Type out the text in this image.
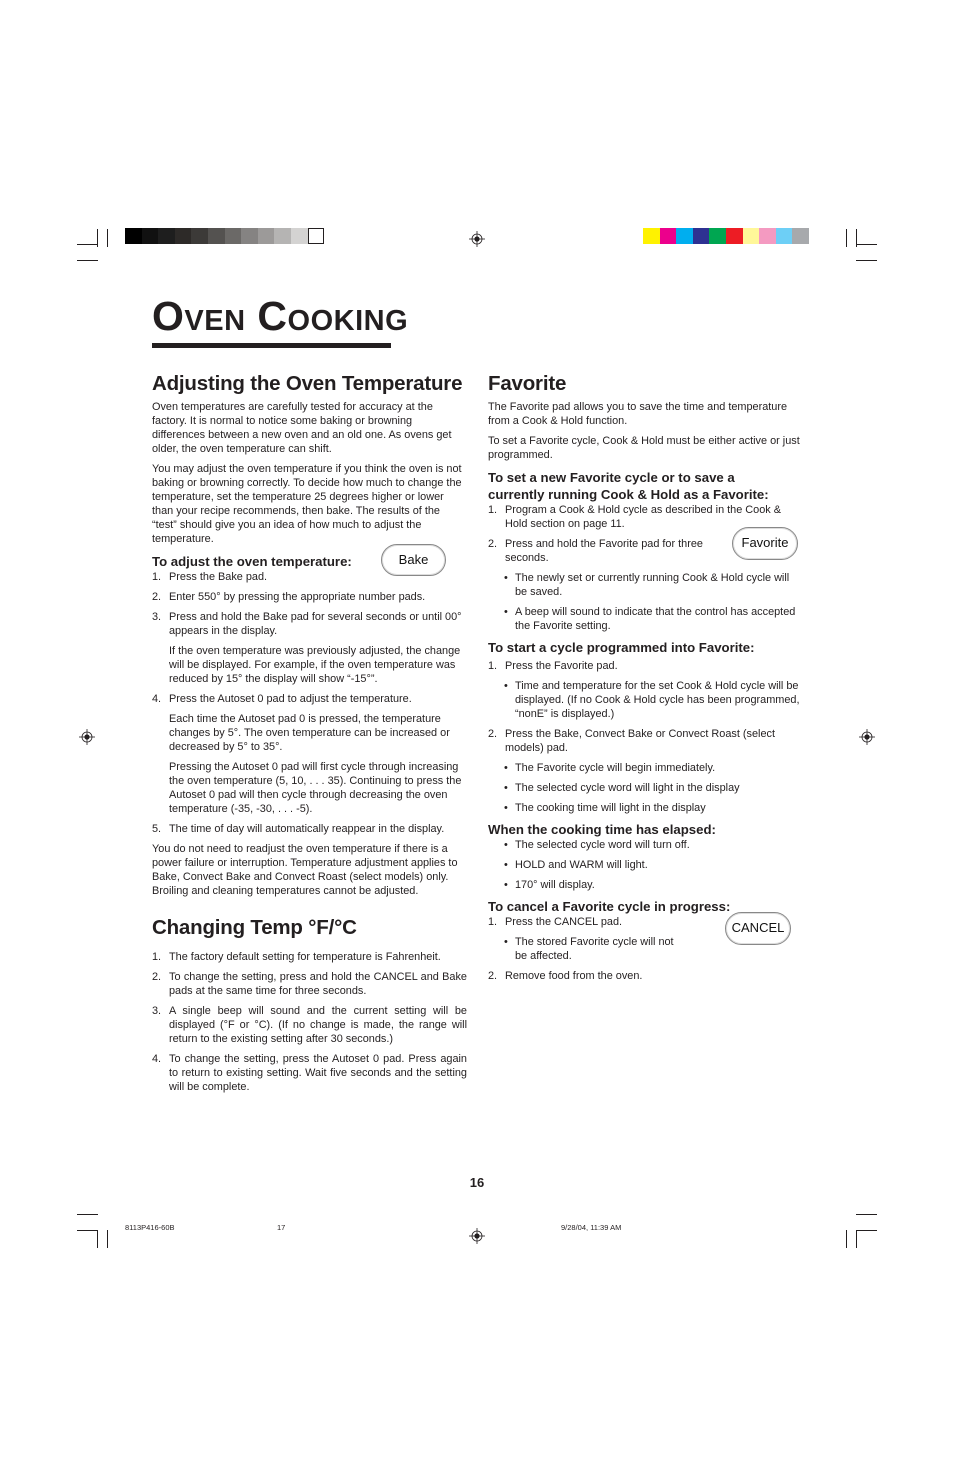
Oven Cooking
Adjusting the Oven Temperature

Oven temperatures are carefully tested for accuracy at the factory. It is normal to notice some baking or browning differences between a new oven and an old one. As ovens get older, the oven temperature can shift.

You may adjust the oven temperature if you think the oven is not baking or browning correctly. To decide how much to change the temperature, set the temperature 25 degrees higher or lower than your recipe recommends, then bake. The results of the “test” should give you an idea of how much to adjust the temperature.

To adjust the oven temperature:
1. Press the Bake pad.
2. Enter 550° by pressing the appropriate number pads.
3. Press and hold the Bake pad for several seconds or until 00° appears in the display.
If the oven temperature was previously adjusted, the change will be displayed. For example, if the oven temperature was reduced by 15° the display will show “-15°”.
4. Press the Autoset 0 pad to adjust the temperature.
Each time the Autoset pad 0 is pressed, the temperature changes by 5°. The oven temperature can be increased or decreased by 5° to 35°.
Pressing the Autoset 0 pad will first cycle through increasing the oven temperature (5, 10, . . . 35). Continuing to press the Autoset 0 pad will then cycle through decreasing the oven temperature (-35, -30, . . . -5).
5. The time of day will automatically reappear in the display.

You do not need to readjust the oven temperature if there is a power failure or interruption. Temperature adjustment applies to Bake, Convect Bake and Convect Roast (select models) only. Broiling and cleaning temperatures cannot be adjusted.

Changing Temp °F/°C
1. The factory default setting for temperature is Fahrenheit.
2. To change the setting, press and hold the CANCEL and Bake pads at the same time for three seconds.
3. A single beep will sound and the current setting will be displayed (°F or °C). (If no change is made, the range will return to the existing setting after 30 seconds.)
4. To change the setting, press the Autoset 0 pad. Press again to return to existing setting. Wait five seconds and the setting will be complete.
Bake
Favorite

The Favorite pad allows you to save the time and temperature from a Cook & Hold function.

To set a Favorite cycle, Cook & Hold must be either active or just programmed.

To set a new Favorite cycle or to save a currently running Cook & Hold as a Favorite:
1. Program a Cook & Hold cycle as described in the Cook & Hold section on page 11.
2. Press and hold the Favorite pad for three seconds.
• The newly set or currently running Cook & Hold cycle will be saved.
• A beep will sound to indicate that the control has accepted the Favorite setting.
To start a cycle programmed into Favorite:
1. Press the Favorite pad.
• Time and temperature for the set Cook & Hold cycle will be displayed. (If no Cook & Hold cycle has been programmed, “nonE” is displayed.)
2. Press the Bake, Convect Bake or Convect Roast (select models) pad.
• The Favorite cycle will begin immediately.
• The selected cycle word will light in the display
• The cooking time will light in the display
When the cooking time has elapsed:
• The selected cycle word will turn off.
• HOLD and WARM will light.
• 170° will display.
To cancel a Favorite cycle in progress:
1. Press the CANCEL pad.
• The stored Favorite cycle will not be affected.
2. Remove food from the oven.
Favorite
CANCEL
16
8113P416-60B	17	9/28/04, 11:39 AM
